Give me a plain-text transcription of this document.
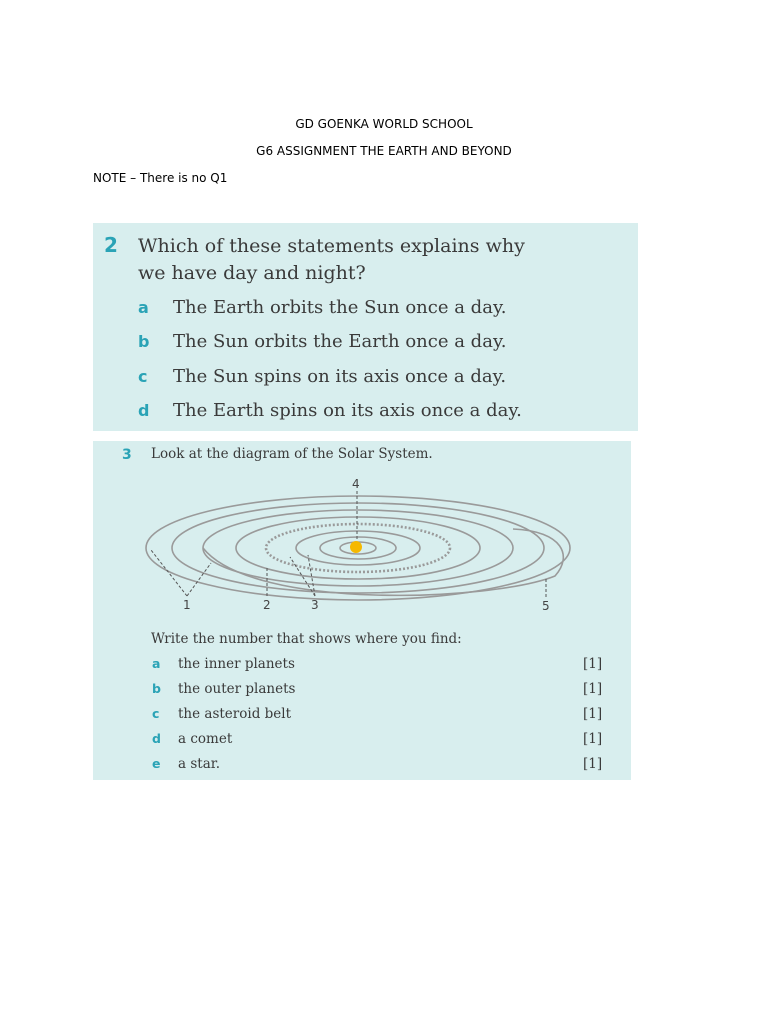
GD GOENKA WORLD SCHOOL
G6 ASSIGNMENT THE EARTH AND BEYOND
NOTE – There is no Q1
2 Which of these statements explains why
we have day and night?
a The Earth orbits the Sun once a day.
b The Sun orbits the Earth once a day.
c The Sun spins on its axis once a day.
d The Earth spins on its axis once a day.
3 Look at the diagram of the Solar System.
4
1	2	3	5
Write the number that shows where you find:
a the inner planets	[1]
b the outer planets	[1]
c the asteroid belt	[1]
d a comet	[1]
e a star.	[1]
